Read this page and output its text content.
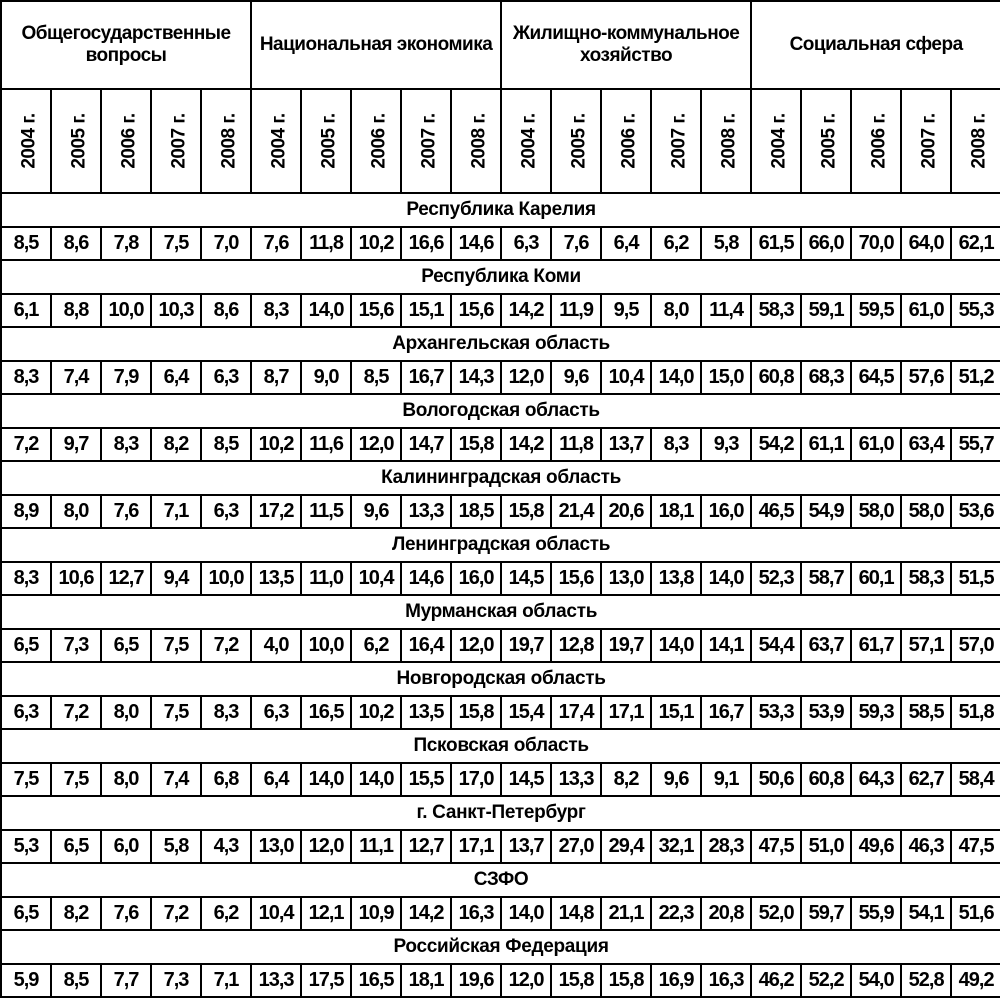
Общегосударственные вопросы					Национальная экономика					Жилищно-коммунальное хозяйство					Социальная сфера				
2004 г.	2005 г.	2006 г.	2007 г.	2008 г.	2004 г.	2005 г.	2006 г.	2007 г.	2008 г.	2004 г.	2005 г.	2006 г.	2007 г.	2008 г.	2004 г.	2005 г.	2006 г.	2007 г.	2008 г.
Республика Карелия																			
8,5	8,6	7,8	7,5	7,0	7,6	11,8	10,2	16,6	14,6	6,3	7,6	6,4	6,2	5,8	61,5	66,0	70,0	64,0	62,1
Республика Коми																			
6,1	8,8	10,0	10,3	8,6	8,3	14,0	15,6	15,1	15,6	14,2	11,9	9,5	8,0	11,4	58,3	59,1	59,5	61,0	55,3
Архангельская область																			
8,3	7,4	7,9	6,4	6,3	8,7	9,0	8,5	16,7	14,3	12,0	9,6	10,4	14,0	15,0	60,8	68,3	64,5	57,6	51,2
Вологодская область																			
7,2	9,7	8,3	8,2	8,5	10,2	11,6	12,0	14,7	15,8	14,2	11,8	13,7	8,3	9,3	54,2	61,1	61,0	63,4	55,7
Калининградская область																			
8,9	8,0	7,6	7,1	6,3	17,2	11,5	9,6	13,3	18,5	15,8	21,4	20,6	18,1	16,0	46,5	54,9	58,0	58,0	53,6
Ленинградская область																			
8,3	10,6	12,7	9,4	10,0	13,5	11,0	10,4	14,6	16,0	14,5	15,6	13,0	13,8	14,0	52,3	58,7	60,1	58,3	51,5
Мурманская область																			
6,5	7,3	6,5	7,5	7,2	4,0	10,0	6,2	16,4	12,0	19,7	12,8	19,7	14,0	14,1	54,4	63,7	61,7	57,1	57,0
Новгородская область																			
6,3	7,2	8,0	7,5	8,3	6,3	16,5	10,2	13,5	15,8	15,4	17,4	17,1	15,1	16,7	53,3	53,9	59,3	58,5	51,8
Псковская область																			
7,5	7,5	8,0	7,4	6,8	6,4	14,0	14,0	15,5	17,0	14,5	13,3	8,2	9,6	9,1	50,6	60,8	64,3	62,7	58,4
г. Санкт-Петербург																			
5,3	6,5	6,0	5,8	4,3	13,0	12,0	11,1	12,7	17,1	13,7	27,0	29,4	32,1	28,3	47,5	51,0	49,6	46,3	47,5
СЗФО																			
6,5	8,2	7,6	7,2	6,2	10,4	12,1	10,9	14,2	16,3	14,0	14,8	21,1	22,3	20,8	52,0	59,7	55,9	54,1	51,6
Российская Федерация																			
5,9	8,5	7,7	7,3	7,1	13,3	17,5	16,5	18,1	19,6	12,0	15,8	15,8	16,9	16,3	46,2	52,2	54,0	52,8	49,2
